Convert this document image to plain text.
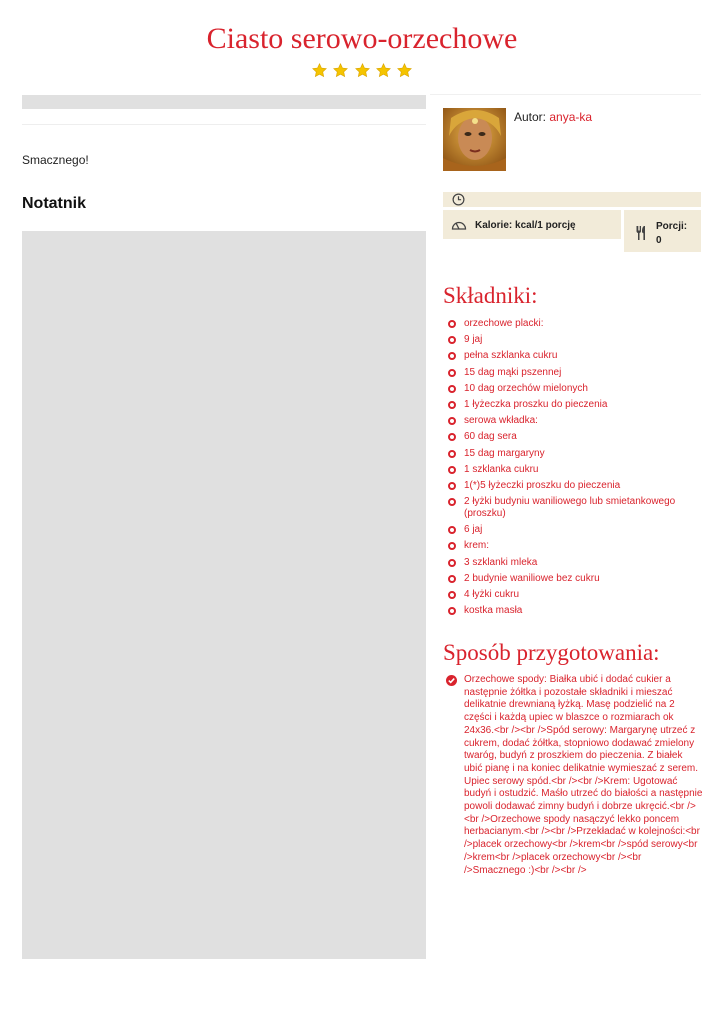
Ciasto serowo-orzechowe

Smacznego!
Notatnik
Autor: anya-ka
Kalorie: kcal/1 porcję	Porcji:
0
Składniki:
orzechowe placki:
9 jaj
pełna szklanka cukru
15 dag mąki pszennej
10 dag orzechów mielonych
1 łyżeczka proszku do pieczenia
serowa wkładka:
60 dag sera
15 dag margaryny
1 szklanka cukru
1(*)5 łyżeczki proszku do pieczenia
2 łyżki budyniu waniliowego lub smietankowego (proszku)
6 jaj
krem:
3 szklanki mleka
2 budynie waniliowe bez cukru
4 łyżki cukru
kostka masła
Sposób przygotowania:
Orzechowe spody: Białka ubić i dodać cukier a następnie żółtka i pozostałe składniki i mieszać delikatnie drewnianą łyżką. Masę podzielić na 2 części i każdą upiec w blaszce o rozmiarach ok 24x36.<br /><br />Spód serowy: Margarynę utrzeć z cukrem, dodać żółtka, stopniowo dodawać zmielony twaróg, budyń z proszkiem do pieczenia. Z białek ubić pianę i na koniec delikatnie wymieszać z serem. Upiec serowy spód.<br /><br />Krem: Ugotować budyń i ostudzić. Maśło utrzeć do białości a następnie powoli dodawać zimny budyń i dobrze ukręcić.<br /><br />Orzechowe spody nasączyć lekko poncem herbacianym.<br /><br />Przekładać w kolejności:<br />placek orzechowy<br />krem<br />spód serowy<br />krem<br />placek orzechowy<br /><br />Smacznego :)<br /><br />
